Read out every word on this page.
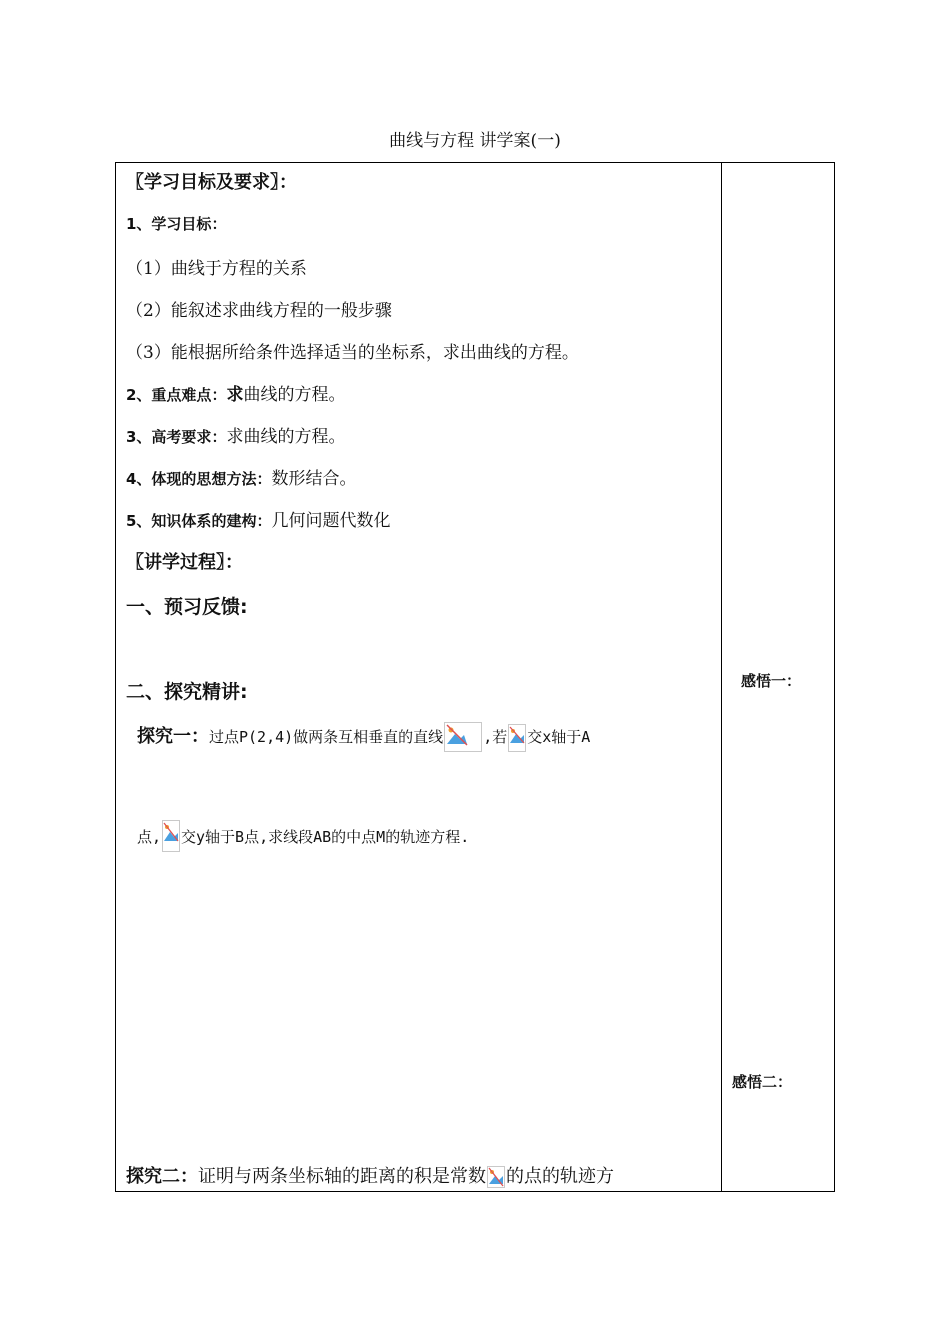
曲线与方程 讲学案(一)
〖学习目标及要求〗：
1、学习目标：
（1）曲线于方程的关系
（2）能叙述求曲线方程的一般步骤
（3）能根据所给条件选择适当的坐标系，求出曲线的方程。
2、重点难点：求曲线的方程。
3、高考要求：求曲线的方程。
4、体现的思想方法：数形结合。
5、知识体系的建构：几何问题代数化
〖讲学过程〗：
一、预习反馈:
二、探究精讲:
探究一：过点P(2,4)做两条互相垂直的直线	,若 交x轴于A
点, 交y轴于B点,求线段AB的中点M的轨迹方程.
探究二：证明与两条坐标轴的距离的积是常数 的点的轨迹方
感悟一：
感悟二：
